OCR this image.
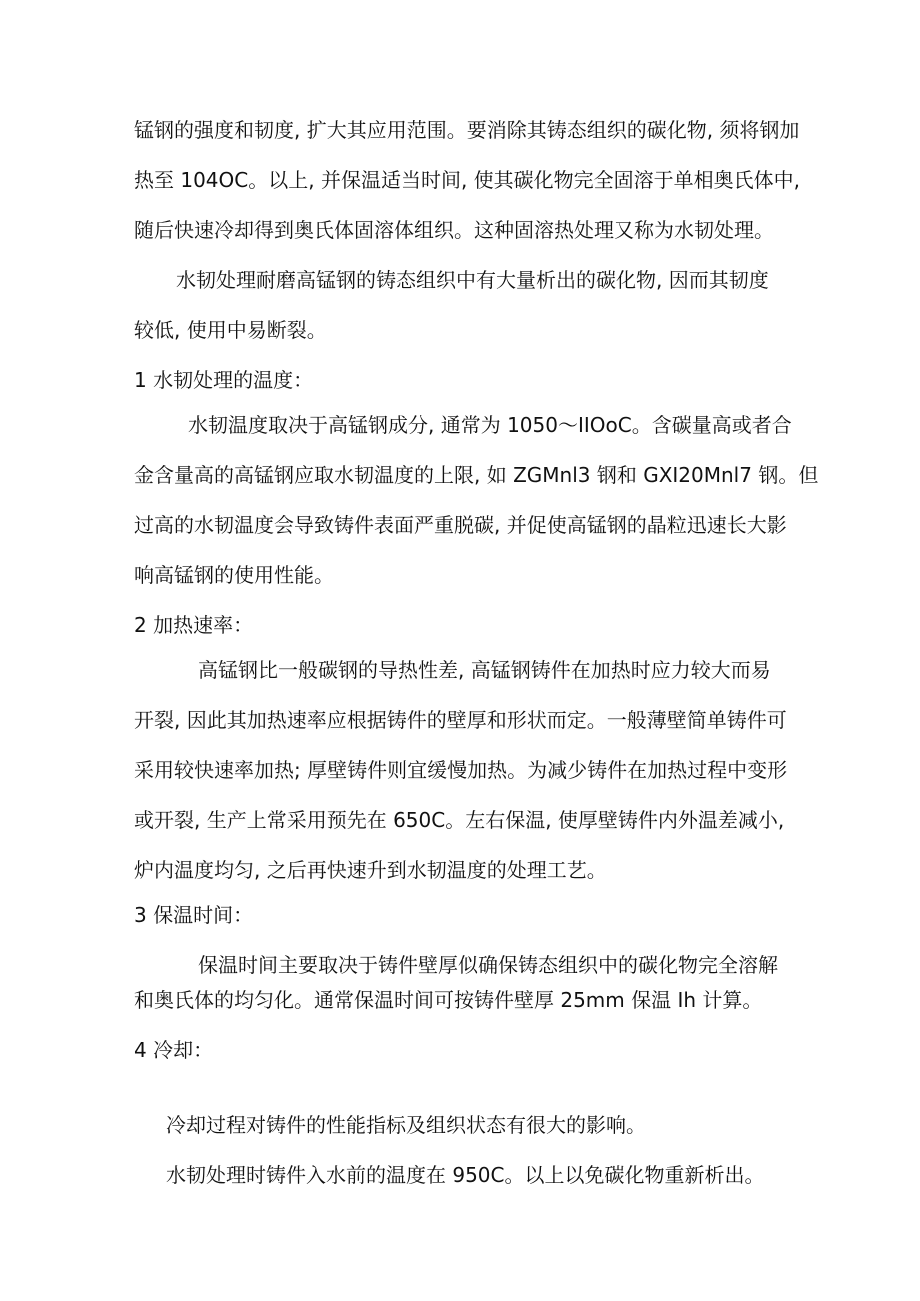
锰钢的强度和韧度, 扩大其应用范围。要消除其铸态组织的碳化物, 须将钢加
热至 104OC。以上, 并保温适当时间, 使其碳化物完全固溶于单相奥氏体中,
随后快速冷却得到奥氏体固溶体组织。这种固溶热处理又称为水韧处理。
水韧处理耐磨高锰钢的铸态组织中有大量析出的碳化物, 因而其韧度
较低, 使用中易断裂。
1 水韧处理的温度：
水韧温度取决于高锰钢成分, 通常为 1050～IIOoC。含碳量高或者合
金含量高的高锰钢应取水韧温度的上限, 如 ZGMnl3 钢和 GXI20Mnl7 钢。但
过高的水韧温度会导致铸件表面严重脱碳, 并促使高锰钢的晶粒迅速长大影
响高锰钢的使用性能。
2 加热速率：
高锰钢比一般碳钢的导热性差, 高锰钢铸件在加热时应力较大而易
开裂, 因此其加热速率应根据铸件的壁厚和形状而定。一般薄壁简单铸件可
采用较快速率加热; 厚壁铸件则宜缓慢加热。为减少铸件在加热过程中变形
或开裂, 生产上常采用预先在 650C。左右保温, 使厚壁铸件内外温差减小,
炉内温度均匀, 之后再快速升到水韧温度的处理工艺。
3 保温时间：
保温时间主要取决于铸件壁厚似确保铸态组织中的碳化物完全溶解
和奥氏体的均匀化。通常保温时间可按铸件壁厚 25mm 保温 Ih 计算。
4 冷却：
冷却过程对铸件的性能指标及组织状态有很大的影响。
水韧处理时铸件入水前的温度在 950C。以上以免碳化物重新析出。
